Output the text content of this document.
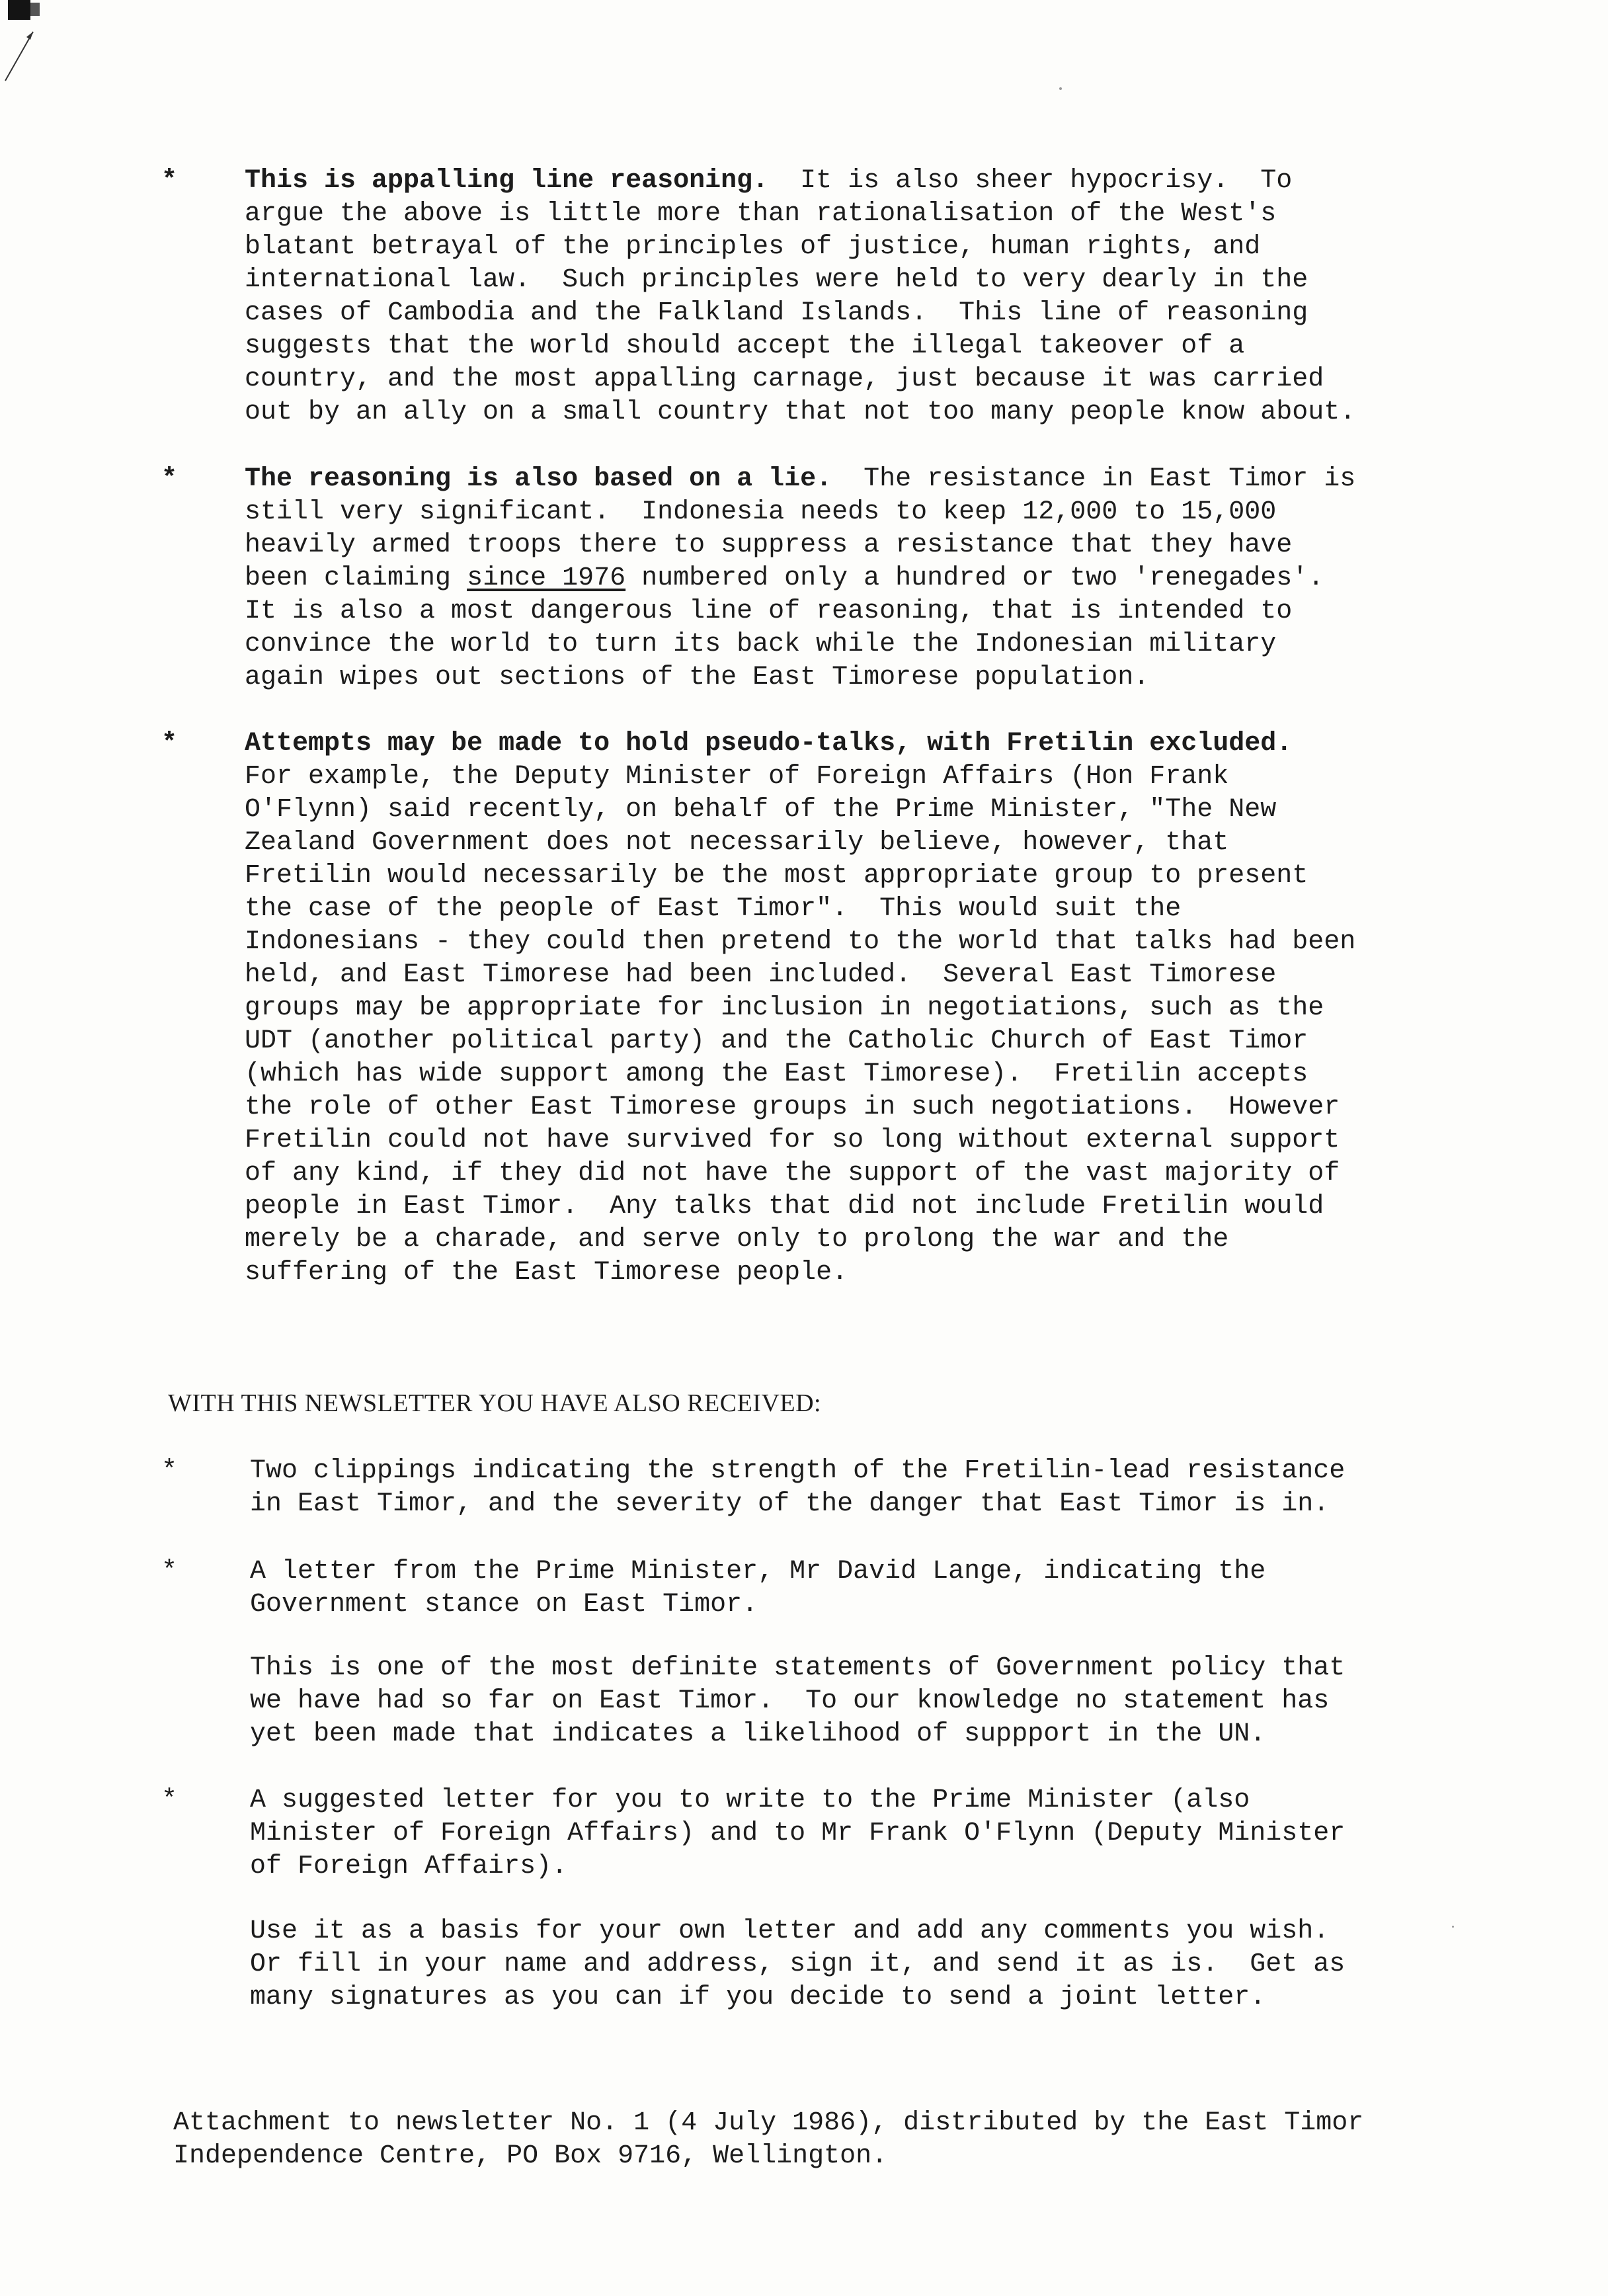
*	This is appalling line reasoning. It is also sheer hypocrisy.  To
argue the above is little more than rationalisation of the West's
blatant betrayal of the principles of justice, human rights, and
international law.  Such principles were held to very dearly in the
cases of Cambodia and the Falkland Islands.  This line of reasoning
suggests that the world should accept the illegal takeover of a
country, and the most appalling carnage, just because it was carried
out by an ally on a small country that not too many people know about.
*	The reasoning is also based on a lie. The resistance in East Timor is
still very significant.  Indonesia needs to keep 12,000 to 15,000
heavily armed troops there to suppress a resistance that they have
been claiming since 1976 numbered only a hundred or two 'renegades'.
It is also a most dangerous line of reasoning, that is intended to
convince the world to turn its back while the Indonesian military
again wipes out sections of the East Timorese population.
*	Attempts may be made to hold pseudo-talks, with Fretilin excluded.
For example, the Deputy Minister of Foreign Affairs (Hon Frank
O'Flynn) said recently, on behalf of the Prime Minister, "The New
Zealand Government does not necessarily believe, however, that
Fretilin would necessarily be the most appropriate group to present
the case of the people of East Timor".  This would suit the
Indonesians - they could then pretend to the world that talks had been
held, and East Timorese had been included.  Several East Timorese
groups may be appropriate for inclusion in negotiations, such as the
UDT (another political party) and the Catholic Church of East Timor
(which has wide support among the East Timorese).  Fretilin accepts
the role of other East Timorese groups in such negotiations.  However
Fretilin could not have survived for so long without external support
of any kind, if they did not have the support of the vast majority of
people in East Timor.  Any talks that did not include Fretilin would
merely be a charade, and serve only to prolong the war and the
suffering of the East Timorese people.
WITH THIS NEWSLETTER YOU HAVE ALSO RECEIVED:
*	Two clippings indicating the strength of the Fretilin-lead resistance
in East Timor, and the severity of the danger that East Timor is in.
*	A letter from the Prime Minister, Mr David Lange, indicating the
Government stance on East Timor.
This is one of the most definite statements of Government policy that
we have had so far on East Timor.  To our knowledge no statement has
yet been made that indicates a likelihood of suppport in the UN.
*	A suggested letter for you to write to the Prime Minister (also
Minister of Foreign Affairs) and to Mr Frank O'Flynn (Deputy Minister
of Foreign Affairs).
Use it as a basis for your own letter and add any comments you wish.
Or fill in your name and address, sign it, and send it as is.  Get as
many signatures as you can if you decide to send a joint letter.
Attachment to newsletter No. 1 (4 July 1986), distributed by the East Timor
Independence Centre, PO Box 9716, Wellington.
